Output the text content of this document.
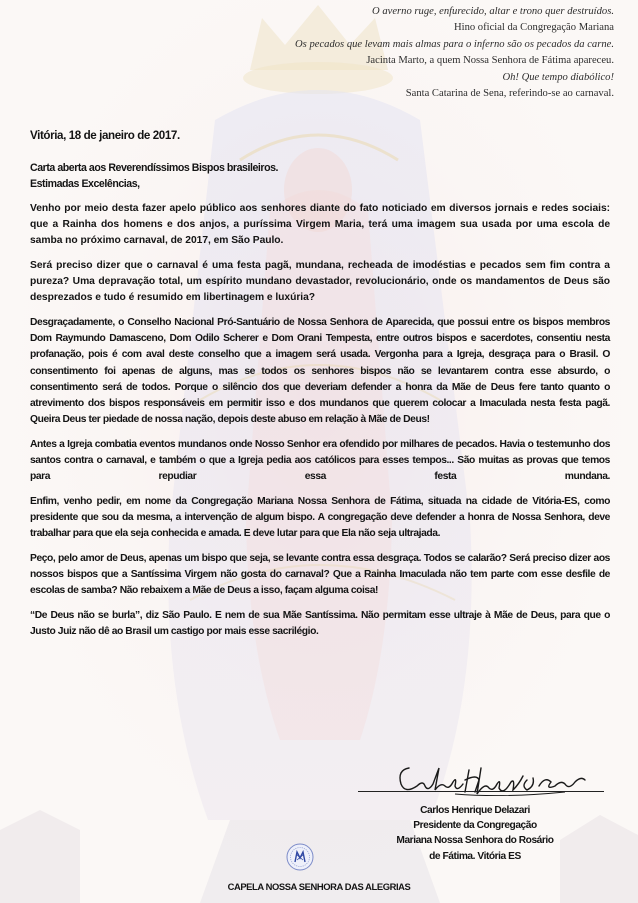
O averno ruge, enfurecido, altar e trono quer destruídos.
Hino oficial da Congregação Mariana
Os pecados que levam mais almas para o inferno são os pecados da carne.
Jacinta Marto, a quem Nossa Senhora de Fátima apareceu.
Oh! Que tempo diabólico!
Santa Catarina de Sena, referindo-se ao carnaval.
Vitória, 18 de janeiro de 2017.
Carta aberta aos Reverendíssimos Bispos brasileiros.
Estimadas Excelências,

Venho por meio desta fazer apelo público aos senhores diante do fato noticiado em diversos jornais e redes sociais: que a Rainha dos homens e dos anjos, a puríssima Virgem Maria, terá uma imagem sua usada por uma escola de samba no próximo carnaval, de 2017, em São Paulo.

Será preciso dizer que o carnaval é uma festa pagã, mundana, recheada de imodéstias e pecados sem fim contra a pureza? Uma depravação total, um espírito mundano devastador, revolucionário, onde os mandamentos de Deus são desprezados e tudo é resumido em libertinagem e luxúria?

Desgraçadamente, o Conselho Nacional Pró-Santuário de Nossa Senhora de Aparecida, que possui entre os bispos membros Dom Raymundo Damasceno, Dom Odilo Scherer e Dom Orani Tempesta, entre outros bispos e sacerdotes, consentiu nesta profanação, pois é com aval deste conselho que a imagem será usada. Vergonha para a Igreja, desgraça para o Brasil. O consentimento foi apenas de alguns, mas se todos os senhores bispos não se levantarem contra esse absurdo, o consentimento será de todos. Porque o silêncio dos que deveriam defender a honra da Mãe de Deus fere tanto quanto o atrevimento dos bispos responsáveis em permitir isso e dos mundanos que querem colocar a Imaculada nesta festa pagã. Queira Deus ter piedade de nossa nação, depois deste abuso em relação à Mãe de Deus!

Antes a Igreja combatia eventos mundanos onde Nosso Senhor era ofendido por milhares de pecados. Havia o testemunho dos santos contra o carnaval, e também o que a Igreja pedia aos católicos para esses tempos... São muitas as provas que temos para repudiar essa festa mundana.

Enfim, venho pedir, em nome da Congregação Mariana Nossa Senhora de Fátima, situada na cidade de Vitória-ES, como presidente que sou da mesma, a intervenção de algum bispo. A congregação deve defender a honra de Nossa Senhora, deve trabalhar para que ela seja conhecida e amada. E deve lutar para que Ela não seja ultrajada.

Peço, pelo amor de Deus, apenas um bispo que seja, se levante contra essa desgraça. Todos se calarão? Será preciso dizer aos nossos bispos que a Santíssima Virgem não gosta do carnaval? Que a Rainha Imaculada não tem parte com esse desfile de escolas de samba? Não rebaixem a Mãe de Deus a isso, façam alguma coisa!

“De Deus não se burla”, diz São Paulo. E nem de sua Mãe Santíssima. Não permitam esse ultraje à Mãe de Deus, para que o Justo Juiz não dê ao Brasil um castigo por mais esse sacrilégio.

Carlos Henrique Delazari
Presidente da Congregação
Mariana Nossa Senhora do Rosário
de Fátima. Vitória ES
CAPELA NOSSA SENHORA DAS ALEGRIAS
